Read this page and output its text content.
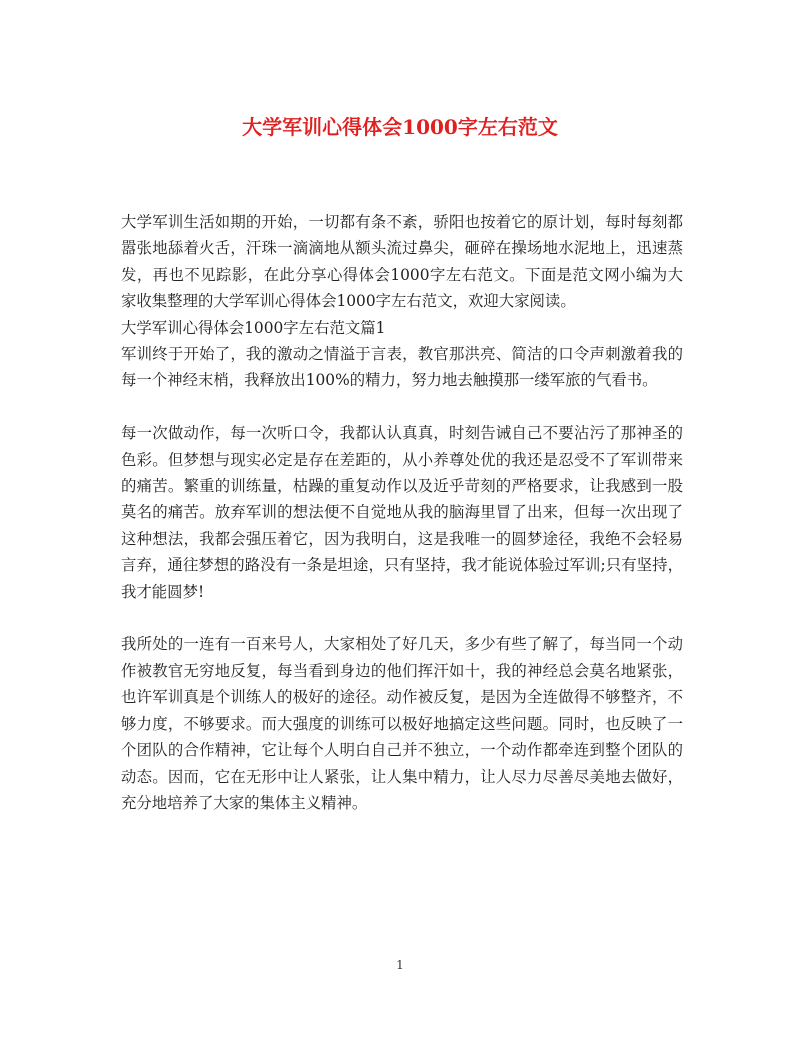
大学军训心得体会1000字左右范文

大学军训生活如期的开始，一切都有条不紊，骄阳也按着它的原计划，每时每刻都嚣张地舔着火舌，汗珠一滴滴地从额头流过鼻尖，砸碎在操场地水泥地上，迅速蒸发，再也不见踪影，在此分享心得体会1000字左右范文。下面是范文网小编为大家收集整理的大学军训心得体会1000字左右范文，欢迎大家阅读。

大学军训心得体会1000字左右范文篇1

军训终于开始了，我的激动之情溢于言表，教官那洪亮、简洁的口令声刺激着我的每一个神经末梢，我释放出100%的精力，努力地去触摸那一缕军旅的气看书。

每一次做动作，每一次听口令，我都认认真真，时刻告诫自己不要沾污了那神圣的色彩。但梦想与现实必定是存在差距的，从小养尊处优的我还是忍受不了军训带来的痛苦。繁重的训练量，枯躁的重复动作以及近乎苛刻的严格要求，让我感到一股莫名的痛苦。放弃军训的想法便不自觉地从我的脑海里冒了出来，但每一次出现了这种想法，我都会强压着它，因为我明白，这是我唯一的圆梦途径，我绝不会轻易言弃，通往梦想的路没有一条是坦途，只有坚持，我才能说体验过军训;只有坚持，我才能圆梦!

我所处的一连有一百来号人，大家相处了好几天，多少有些了解了，每当同一个动作被教官无穷地反复，每当看到身边的他们挥汗如十，我的神经总会莫名地紧张，也许军训真是个训练人的极好的途径。动作被反复，是因为全连做得不够整齐，不够力度，不够要求。而大强度的训练可以极好地搞定这些问题。同时，也反映了一个团队的合作精神，它让每个人明白自己并不独立，一个动作都牵连到整个团队的动态。因而，它在无形中让人紧张，让人集中精力，让人尽力尽善尽美地去做好，充分地培养了大家的集体主义精神。

1
